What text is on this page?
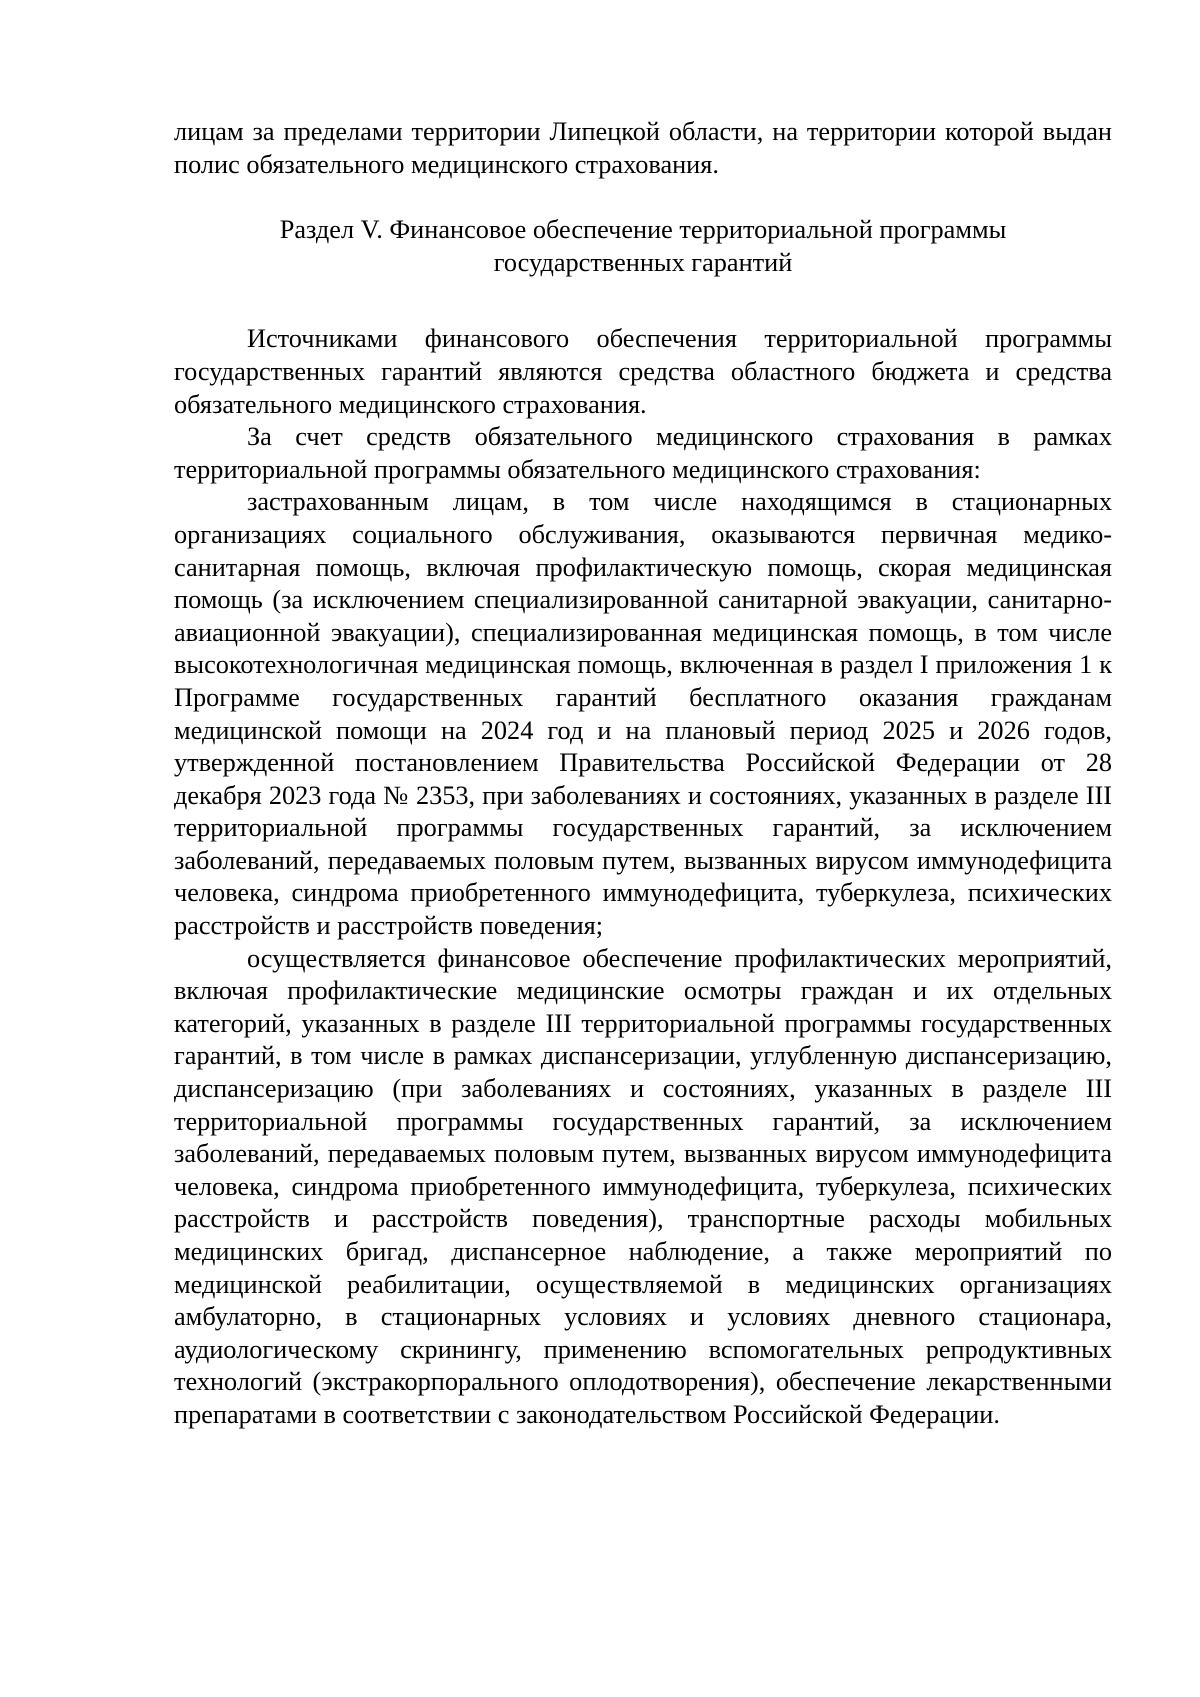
лицам за пределами территории Липецкой области, на территории которой выдан полис обязательного медицинского страхования.

Раздел V. Финансовое обеспечение территориальной программы

государственных гарантий

Источниками финансового обеспечения территориальной программы государственных гарантий являются средства областного бюджета и средства обязательного медицинского страхования.

За счет средств обязательного медицинского страхования в рамках территориальной программы обязательного медицинского страхования:

застрахованным лицам, в том числе находящимся в стационарных организациях социального обслуживания, оказываются первичная медико-санитарная помощь, включая профилактическую помощь, скорая медицинская помощь (за исключением специализированной санитарной эвакуации, санитарно-авиационной эвакуации), специализированная медицинская помощь, в том числе высокотехнологичная медицинская помощь, включенная в раздел I приложения 1 к Программе государственных гарантий бесплатного оказания гражданам медицинской помощи на 2024 год и на плановый период 2025 и 2026 годов, утвержденной постановлением Правительства Российской Федерации от 28 декабря 2023 года № 2353, при заболеваниях и состояниях, указанных в разделе III территориальной программы государственных гарантий, за исключением заболеваний, передаваемых половым путем, вызванных вирусом иммунодефицита человека, синдрома приобретенного иммунодефицита, туберкулеза, психических расстройств и расстройств поведения;

осуществляется финансовое обеспечение профилактических мероприятий, включая профилактические медицинские осмотры граждан и их отдельных категорий, указанных в разделе III территориальной программы государственных гарантий, в том числе в рамках диспансеризации, углубленную диспансеризацию, диспансеризацию (при заболеваниях и состояниях, указанных в разделе III территориальной программы государственных гарантий, за исключением заболеваний, передаваемых половым путем, вызванных вирусом иммунодефицита человека, синдрома приобретенного иммунодефицита, туберкулеза, психических расстройств и расстройств поведения), транспортные расходы мобильных медицинских бригад, диспансерное наблюдение, а также мероприятий по медицинской реабилитации, осуществляемой в медицинских организациях амбулаторно, в стационарных условиях и условиях дневного стационара, аудиологическому скринингу, применению вспомогательных репродуктивных технологий (экстракорпорального оплодотворения), обеспечение лекарственными препаратами в соответствии с законодательством Российской Федерации.
